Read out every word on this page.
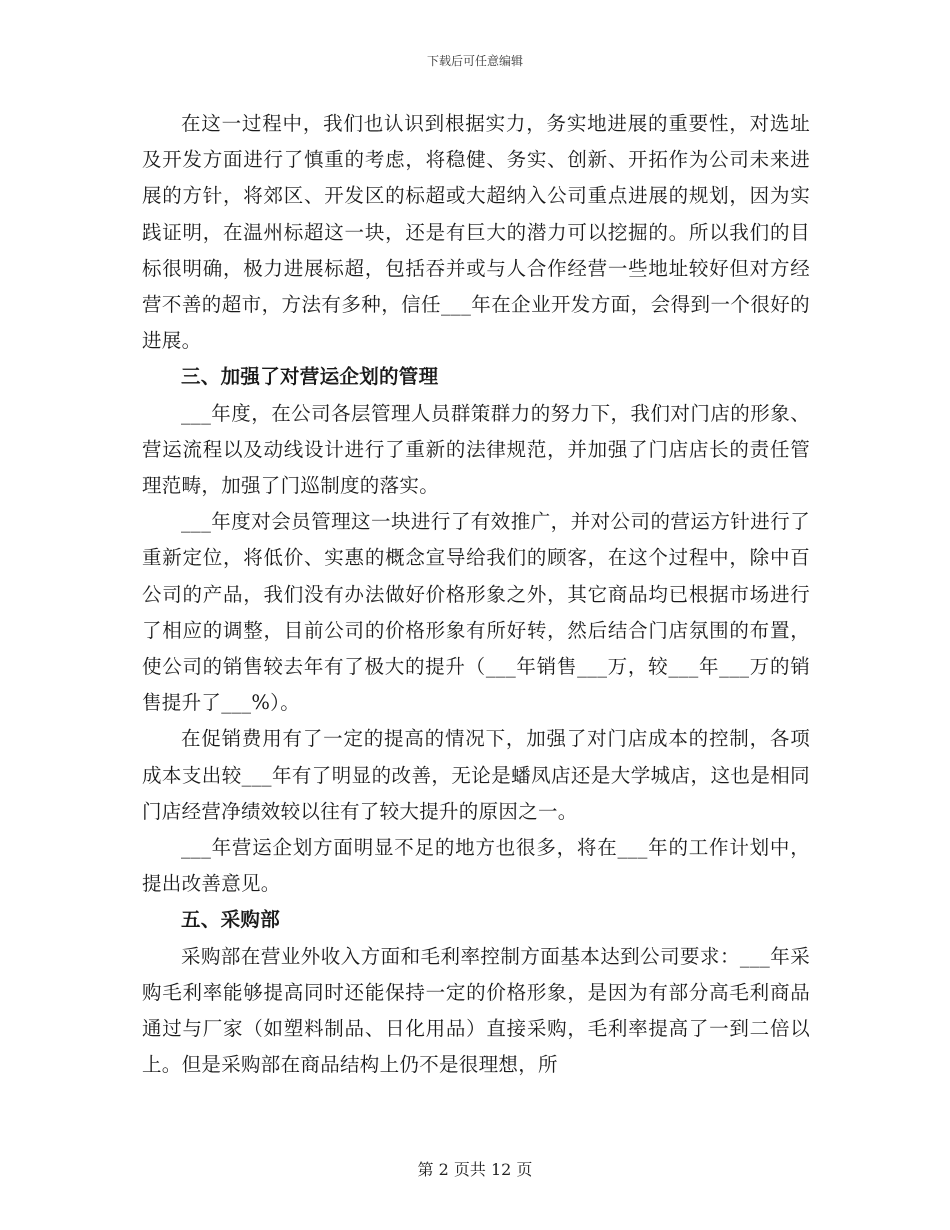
下载后可任意编辑

在这一过程中，我们也认识到根据实力，务实地进展的重要性，对选址及开发方面进行了慎重的考虑，将稳健、务实、创新、开拓作为公司未来进展的方针，将郊区、开发区的标超或大超纳入公司重点进展的规划，因为实践证明，在温州标超这一块，还是有巨大的潜力可以挖掘的。所以我们的目标很明确，极力进展标超，包括吞并或与人合作经营一些地址较好但对方经营不善的超市，方法有多种，信任___年在企业开发方面，会得到一个很好的进展。

三、加强了对营运企划的管理

___年度，在公司各层管理人员群策群力的努力下，我们对门店的形象、营运流程以及动线设计进行了重新的法律规范，并加强了门店店长的责任管理范畴，加强了门巡制度的落实。

___年度对会员管理这一块进行了有效推广，并对公司的营运方针进行了重新定位，将低价、实惠的概念宣导给我们的顾客，在这个过程中，除中百公司的产品，我们没有办法做好价格形象之外，其它商品均已根据市场进行了相应的调整，目前公司的价格形象有所好转，然后结合门店氛围的布置，使公司的销售较去年有了极大的提升（___年销售___万，较___年___万的销售提升了___%）。

在促销费用有了一定的提高的情况下，加强了对门店成本的控制，各项成本支出较___年有了明显的改善，无论是蟠凤店还是大学城店，这也是相同门店经营净绩效较以往有了较大提升的原因之一。

___年营运企划方面明显不足的地方也很多，将在___年的工作计划中，提出改善意见。

五、采购部

采购部在营业外收入方面和毛利率控制方面基本达到公司要求：___年采购毛利率能够提高同时还能保持一定的价格形象，是因为有部分高毛利商品通过与厂家（如塑料制品、日化用品）直接采购，毛利率提高了一到二倍以上。但是采购部在商品结构上仍不是很理想，所

第 2 页共 12 页
